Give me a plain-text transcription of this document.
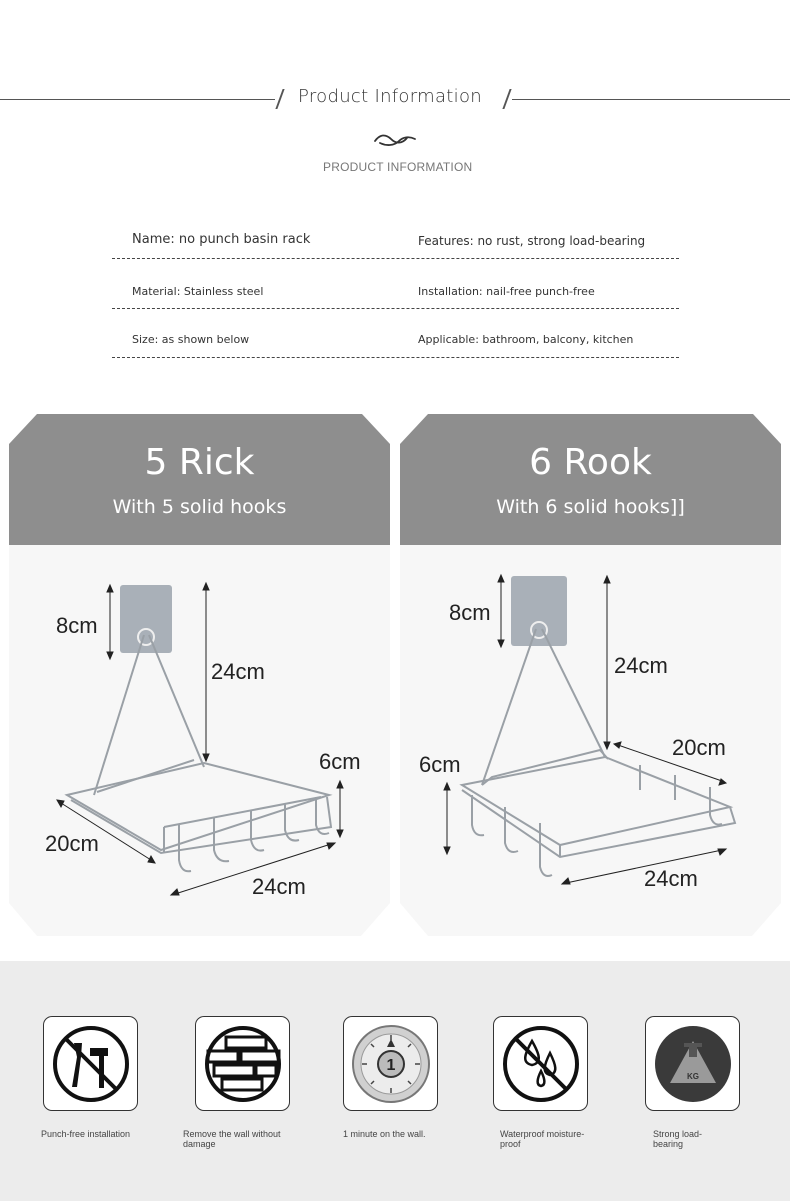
Product Information
PRODUCT INFORMATION
Name: no punch basin rack	Features: no rust, strong load-bearing
Material: Stainless steel	Installation: nail-free punch-free
Size: as shown below	Applicable: bathroom, balcony, kitchen
5 Rick
With 5 solid hooks
8cm
24cm
6cm
20cm
24cm
6 Rook
With 6 solid hooks]]
8cm
24cm
20cm
6cm
24cm
Punch-free installation	Remove the wall without damage
1
1 minute on the wall.	Waterproof moisture-proof
KG
Strong load-bearing
